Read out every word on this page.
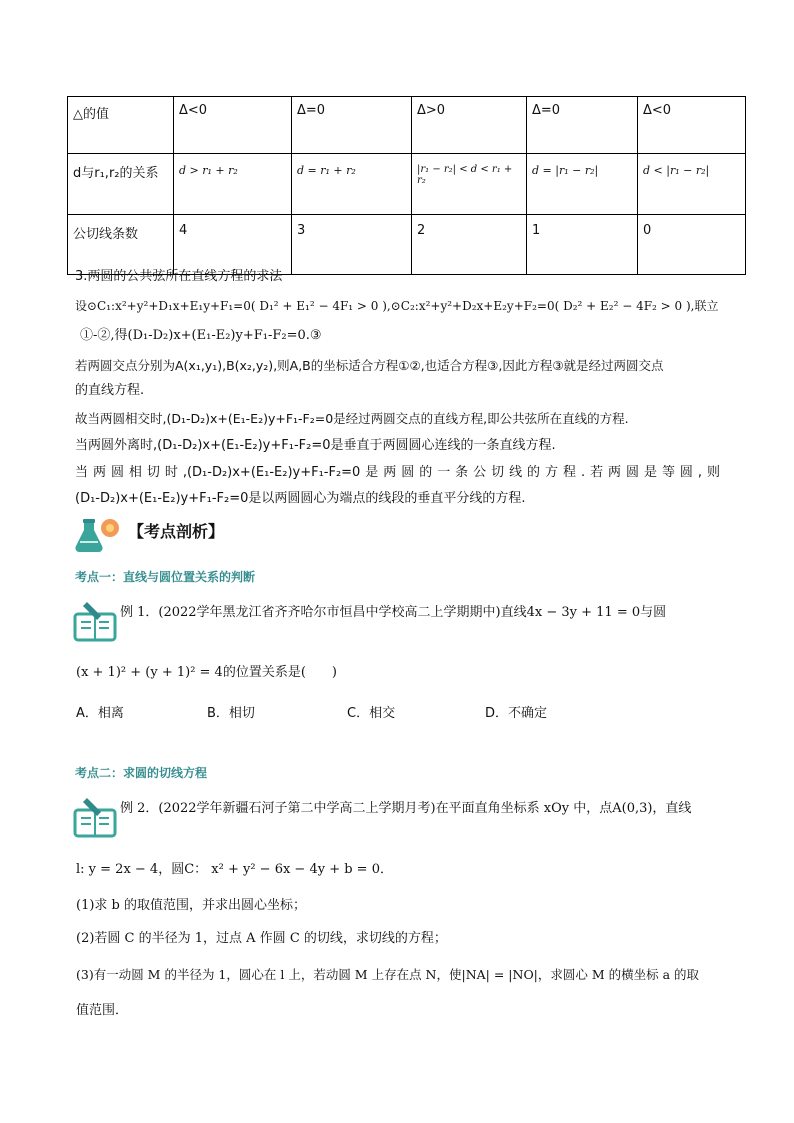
△的值	Δ<0	Δ=0	Δ>0	Δ=0	Δ<0
d与r₁,r₂的关系	d > r₁ + r₂	d = r₁ + r₂	|r₁ − r₂| < d < r₁ + r₂	d = |r₁ − r₂|	d < |r₁ − r₂|
公切线条数	4	3	2	1	0
3.两圆的公共弦所在直线方程的求法
设⊙C₁:x²+y²+D₁x+E₁y+F₁=0( D₁² + E₁² − 4F₁ > 0 ),⊙C₂:x²+y²+D₂x+E₂y+F₂=0( D₂² + E₂² − 4F₂ > 0 ),联立
①-②,得(D₁-D₂)x+(E₁-E₂)y+F₁-F₂=0.③
若两圆交点分别为A(x₁,y₁),B(x₂,y₂),则A,B的坐标适合方程①②,也适合方程③,因此方程③就是经过两圆交点
的直线方程.
故当两圆相交时,(D₁-D₂)x+(E₁-E₂)y+F₁-F₂=0是经过两圆交点的直线方程,即公共弦所在直线的方程.
当两圆外离时,(D₁-D₂)x+(E₁-E₂)y+F₁-F₂=0是垂直于两圆圆心连线的一条直线方程.
当两圆相切时,(D₁-D₂)x+(E₁-E₂)y+F₁-F₂=0是两圆的一条公切线的方程.若两圆是等圆,则
(D₁-D₂)x+(E₁-E₂)y+F₁-F₂=0是以两圆圆心为端点的线段的垂直平分线的方程.
【考点剖析】
考点一：直线与圆位置关系的判断
例 1．(2022学年黑龙江省齐齐哈尔市恒昌中学校高二上学期期中)直线4x − 3y + 11 = 0与圆
(x + 1)² + (y + 1)² = 4的位置关系是(　　)
A．相离	B．相切	C．相交	D．不确定
考点二：求圆的切线方程
例 2．(2022学年新疆石河子第二中学高二上学期月考)在平面直角坐标系 xOy 中，点A(0,3)，直线
l: y = 2x − 4，圆C： x² + y² − 6x − 4y + b = 0．
(1)求 b 的取值范围，并求出圆心坐标；
(2)若圆 C 的半径为 1，过点 A 作圆 C 的切线，求切线的方程；
(3)有一动圆 M 的半径为 1，圆心在 l 上，若动圆 M 上存在点 N，使|NA| = |NO|，求圆心 M 的横坐标 a 的取
值范围．
